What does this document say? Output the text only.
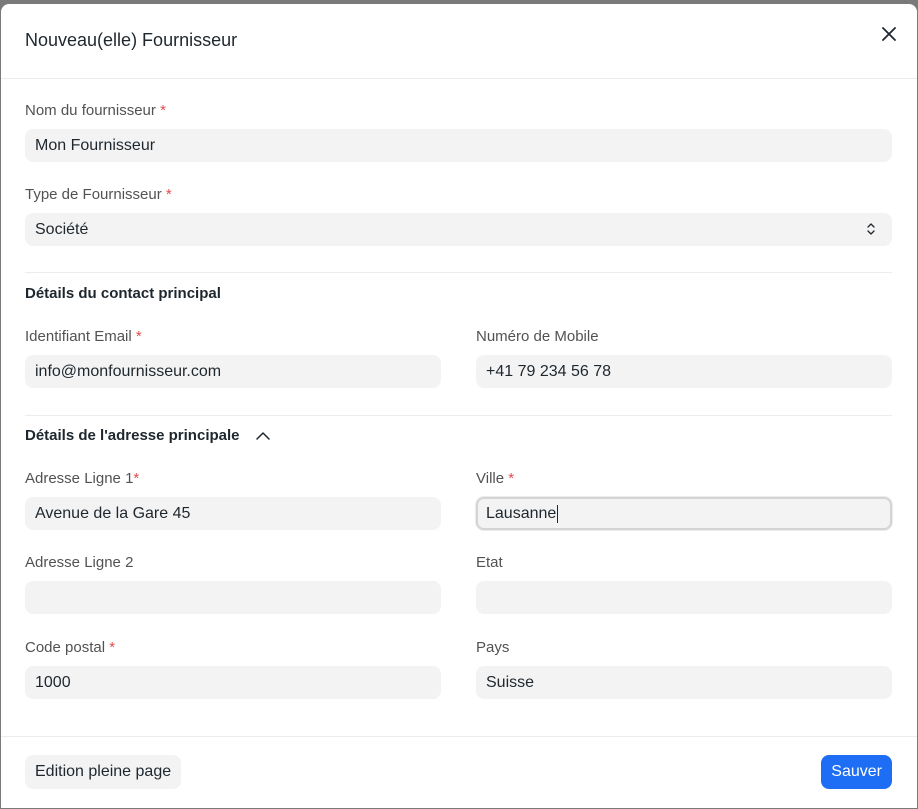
Nouveau(elle) Fournisseur
Nom du fournisseur *
Mon Fournisseur
Type de Fournisseur *
Société
Détails du contact principal
Identifiant Email *
info@monfournisseur.com
Numéro de Mobile
+41 79 234 56 78
Détails de l'adresse principale
Adresse Ligne 1*
Avenue de la Gare 45
Ville *
Lausanne
Adresse Ligne 2	Etat
Code postal *
1000
Pays
Suisse
Edition pleine page	Sauver
